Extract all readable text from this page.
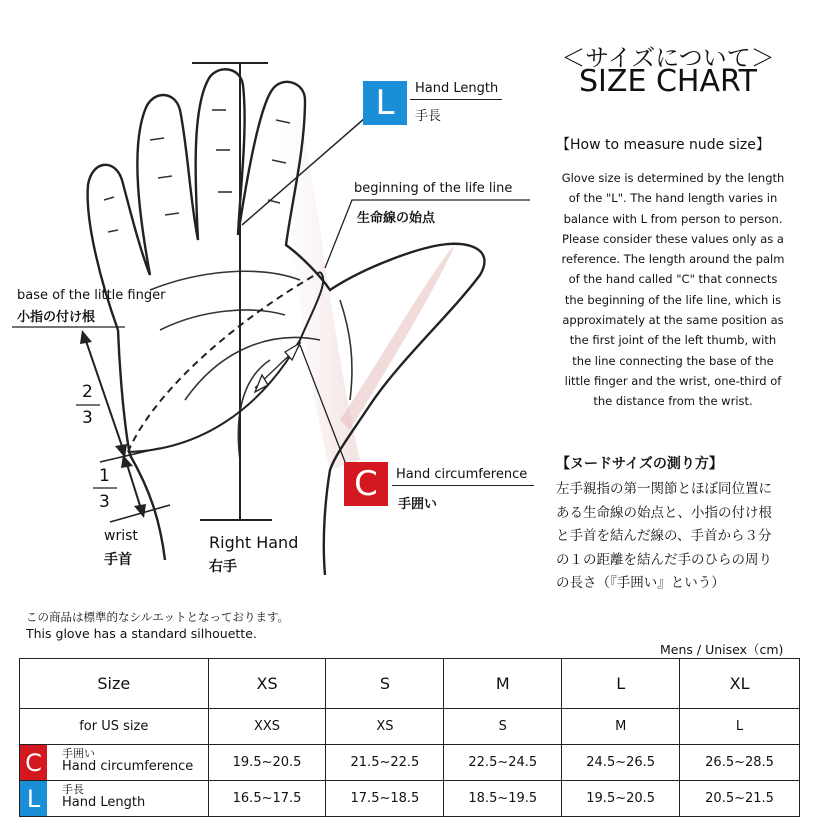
L	Hand Length
手長
beginning of the life line
生命線の始点
base of the little finger
小指の付け根
2
3
1
3
wrist
手首
Right Hand
右手
C	Hand circumference
手囲い
＜サイズについて＞
SIZE CHART
【How to measure nude size】
Glove size is determined by the length
of the "L". The hand length varies in
balance with L from person to person.
Please consider these values only as a
reference. The length around the palm
of the hand called "C" that connects
the beginning of the life line, which is
approximately at the same position as
the first joint of the left thumb, with
the line connecting the base of the
little finger and the wrist, one-third of
the distance from the wrist.
【ヌードサイズの測り方】
左手親指の第一関節とほぼ同位置に
ある生命線の始点と、小指の付け根
と手首を結んだ線の、手首から３分
の１の距離を結んだ手のひらの周り
の長さ（『手囲い』という）
この商品は標準的なシルエットとなっております。
This glove has a standard silhouette.
Mens / Unisex（cm)
Size	XS	S	M	L	XL
for US size	XXS	XS	S	M	L

C 手囲い
Hand circumference	19.5~20.5	21.5~22.5	22.5~24.5	24.5~26.5	26.5~28.5

L 手長
Hand Length	16.5~17.5	17.5~18.5	18.5~19.5	19.5~20.5	20.5~21.5
